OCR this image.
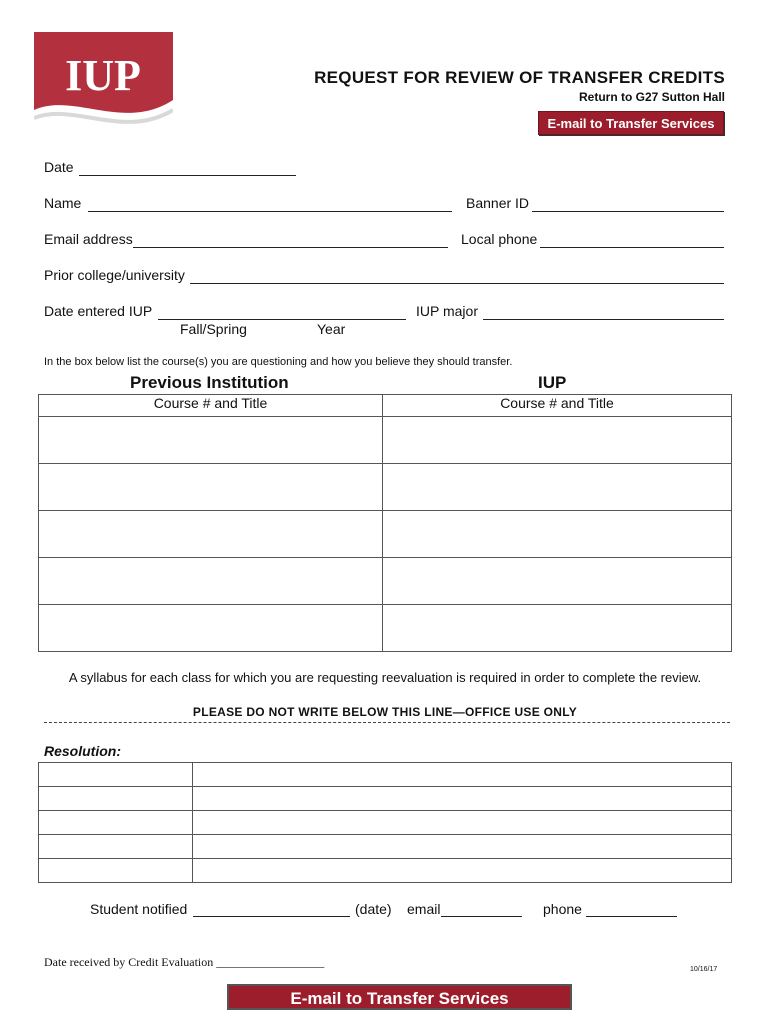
IUP	REQUEST FOR REVIEW OF TRANSFER CREDITS
Return to G27 Sutton Hall
E-mail to Transfer Services
Date
Name	Banner ID
Email address	Local phone
Prior college/university
Date entered IUP	IUP major
Fall/Spring	Year
In the box below list the course(s) you are questioning and how you believe they should transfer.
Previous Institution	IUP
Course # and Title	Course # and Title

A syllabus for each class for which you are requesting reevaluation is required in order to complete the review.
PLEASE DO NOT WRITE BELOW THIS LINE—OFFICE USE ONLY
Resolution:

Student notified	(date) email	phone
Date received by Credit Evaluation __________________
10/16/17
E-mail to Transfer Services
